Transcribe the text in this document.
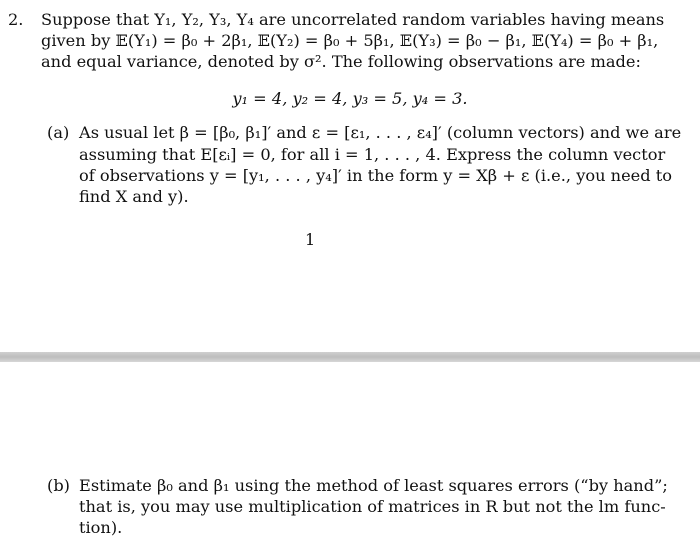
2. Suppose that Y₁, Y₂, Y₃, Y₄ are uncorrelated random variables having means
given by 𝔼(Y₁) = β₀ + 2β₁, 𝔼(Y₂) = β₀ + 5β₁, 𝔼(Y₃) = β₀ − β₁, 𝔼(Y₄) = β₀ + β₁,
and equal variance, denoted by σ². The following observations are made:
y₁ = 4, y₂ = 4, y₃ = 5, y₄ = 3.
(a) As usual let β = [β₀, β₁]′ and ε = [ε₁, . . . , ε₄]′ (column vectors) and we are
assuming that E[εᵢ] = 0, for all i = 1, . . . , 4. Express the column vector
of observations y = [y₁, . . . , y₄]′ in the form y = Xβ + ε (i.e., you need to
find X and y).
1
(b) Estimate β₀ and β₁ using the method of least squares errors (“by hand”;
that is, you may use multiplication of matrices in R but not the lm func-
tion).
